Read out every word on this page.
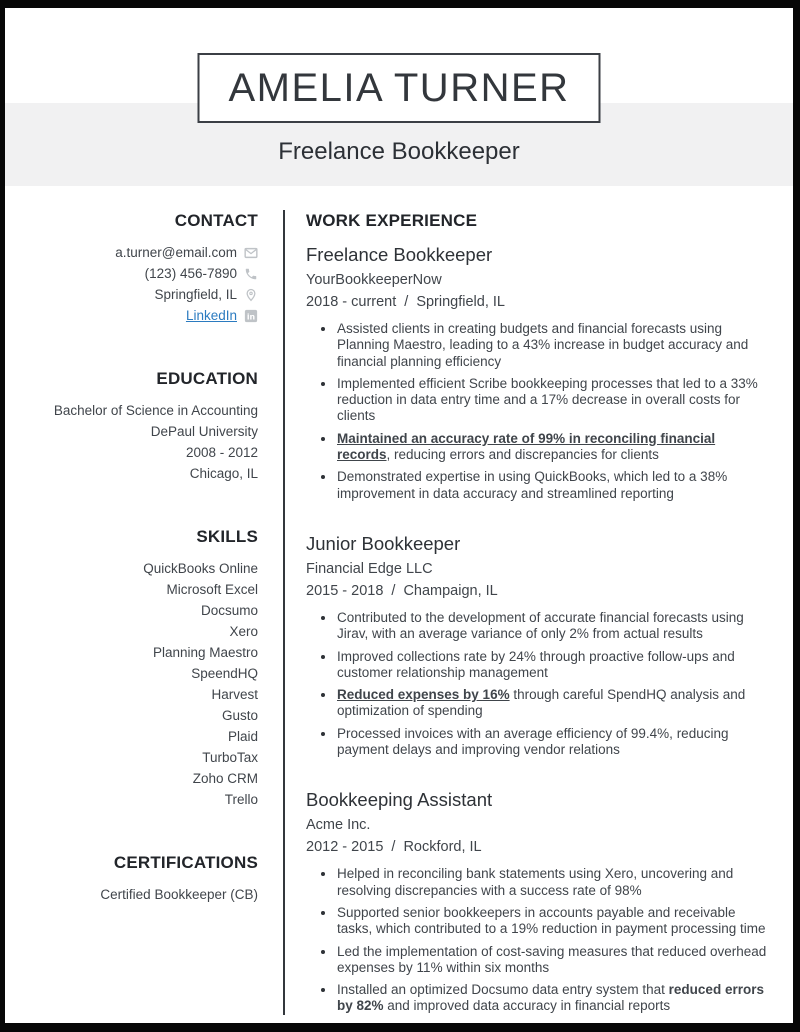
AMELIA TURNER
Freelance Bookkeeper
CONTACT
a.turner@email.com
(123) 456-7890
Springfield, IL
LinkedIn in
EDUCATION
Bachelor of Science in Accounting
DePaul University
2008 - 2012
Chicago, IL
SKILLS
QuickBooks Online
Microsoft Excel
Docsumo
Xero
Planning Maestro
SpeendHQ
Harvest
Gusto
Plaid
TurboTax
Zoho CRM
Trello
CERTIFICATIONS
Certified Bookkeeper (CB)
WORK EXPERIENCE
Freelance Bookkeeper
YourBookkeeperNow
2018 - current / Springfield, IL
• Assisted clients in creating budgets and financial forecasts using Planning Maestro, leading to a 43% increase in budget accuracy and financial planning efficiency
• Implemented efficient Scribe bookkeeping processes that led to a 33% reduction in data entry time and a 17% decrease in overall costs for clients
• Maintained an accuracy rate of 99% in reconciling financial records, reducing errors and discrepancies for clients
• Demonstrated expertise in using QuickBooks, which led to a 38% improvement in data accuracy and streamlined reporting
Junior Bookkeeper
Financial Edge LLC
2015 - 2018 / Champaign, IL
• Contributed to the development of accurate financial forecasts using Jirav, with an average variance of only 2% from actual results
• Improved collections rate by 24% through proactive follow-ups and customer relationship management
• Reduced expenses by 16% through careful SpendHQ analysis and optimization of spending
• Processed invoices with an average efficiency of 99.4%, reducing payment delays and improving vendor relations
Bookkeeping Assistant
Acme Inc.
2012 - 2015 / Rockford, IL
• Helped in reconciling bank statements using Xero, uncovering and resolving discrepancies with a success rate of 98%
• Supported senior bookkeepers in accounts payable and receivable tasks, which contributed to a 19% reduction in payment processing time
• Led the implementation of cost-saving measures that reduced overhead expenses by 11% within six months
• Installed an optimized Docsumo data entry system that reduced errors by 82% and improved data accuracy in financial reports
